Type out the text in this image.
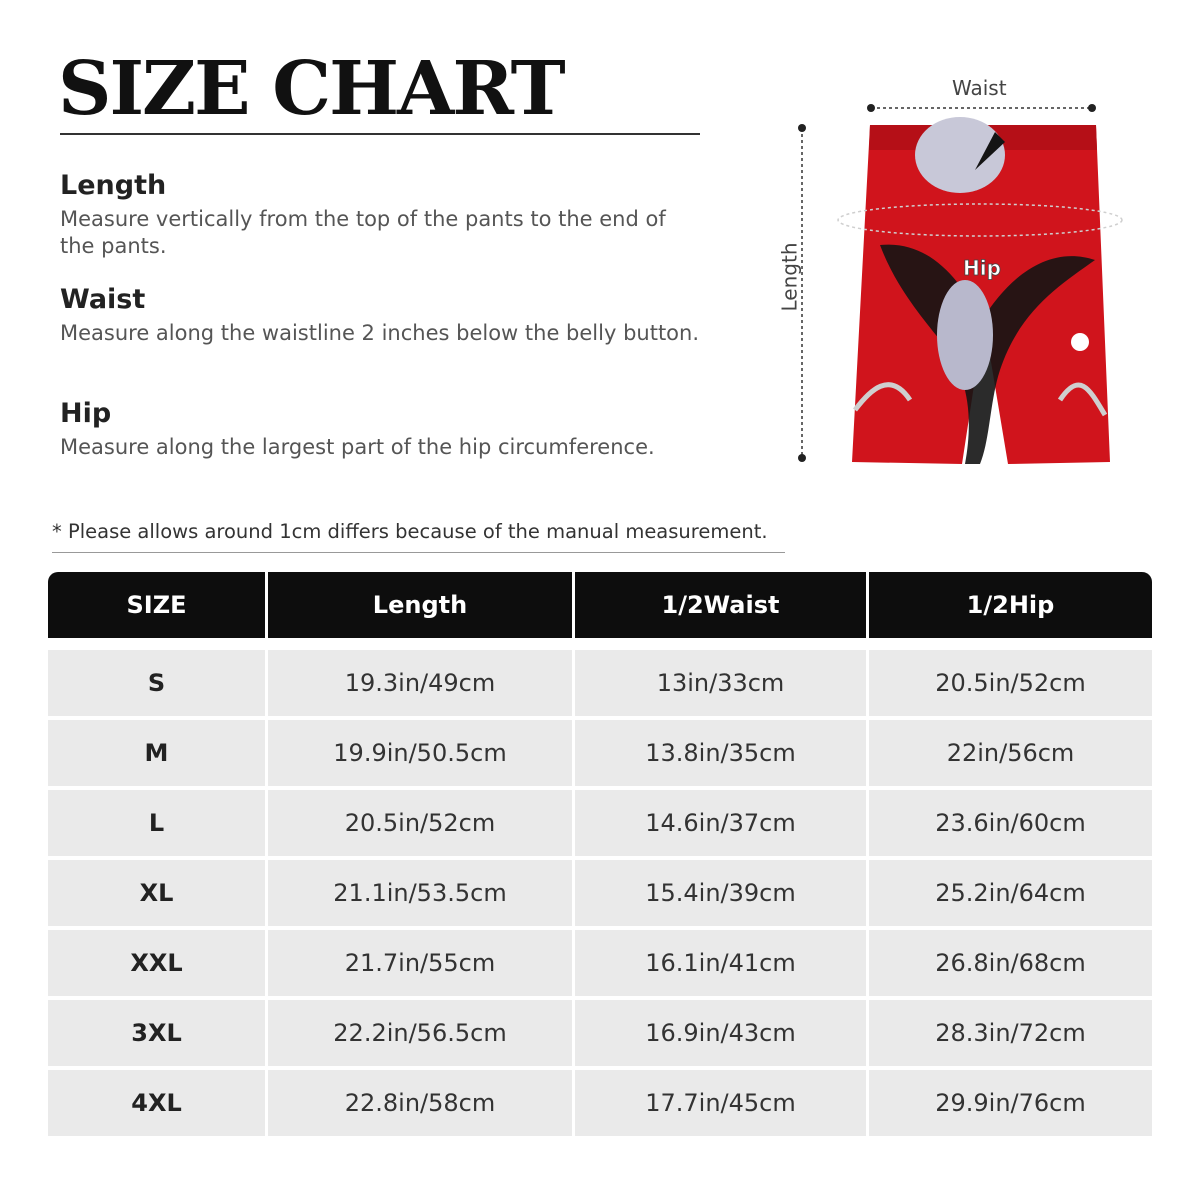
SIZE CHART
Length

Measure vertically from the top of the pants to the end of the pants.

Waist

Measure along the waistline 2 inches below the belly button.

Hip

Measure along the largest part of the hip circumference.

* Please allows around 1cm differs because of the manual measurement.
Waist
Length	Hip
SIZE	Length	1/2Waist	1/2Hip
S	19.3in/49cm	13in/33cm	20.5in/52cm
M	19.9in/50.5cm	13.8in/35cm	22in/56cm
L	20.5in/52cm	14.6in/37cm	23.6in/60cm
XL	21.1in/53.5cm	15.4in/39cm	25.2in/64cm
XXL	21.7in/55cm	16.1in/41cm	26.8in/68cm
3XL	22.2in/56.5cm	16.9in/43cm	28.3in/72cm
4XL	22.8in/58cm	17.7in/45cm	29.9in/76cm
